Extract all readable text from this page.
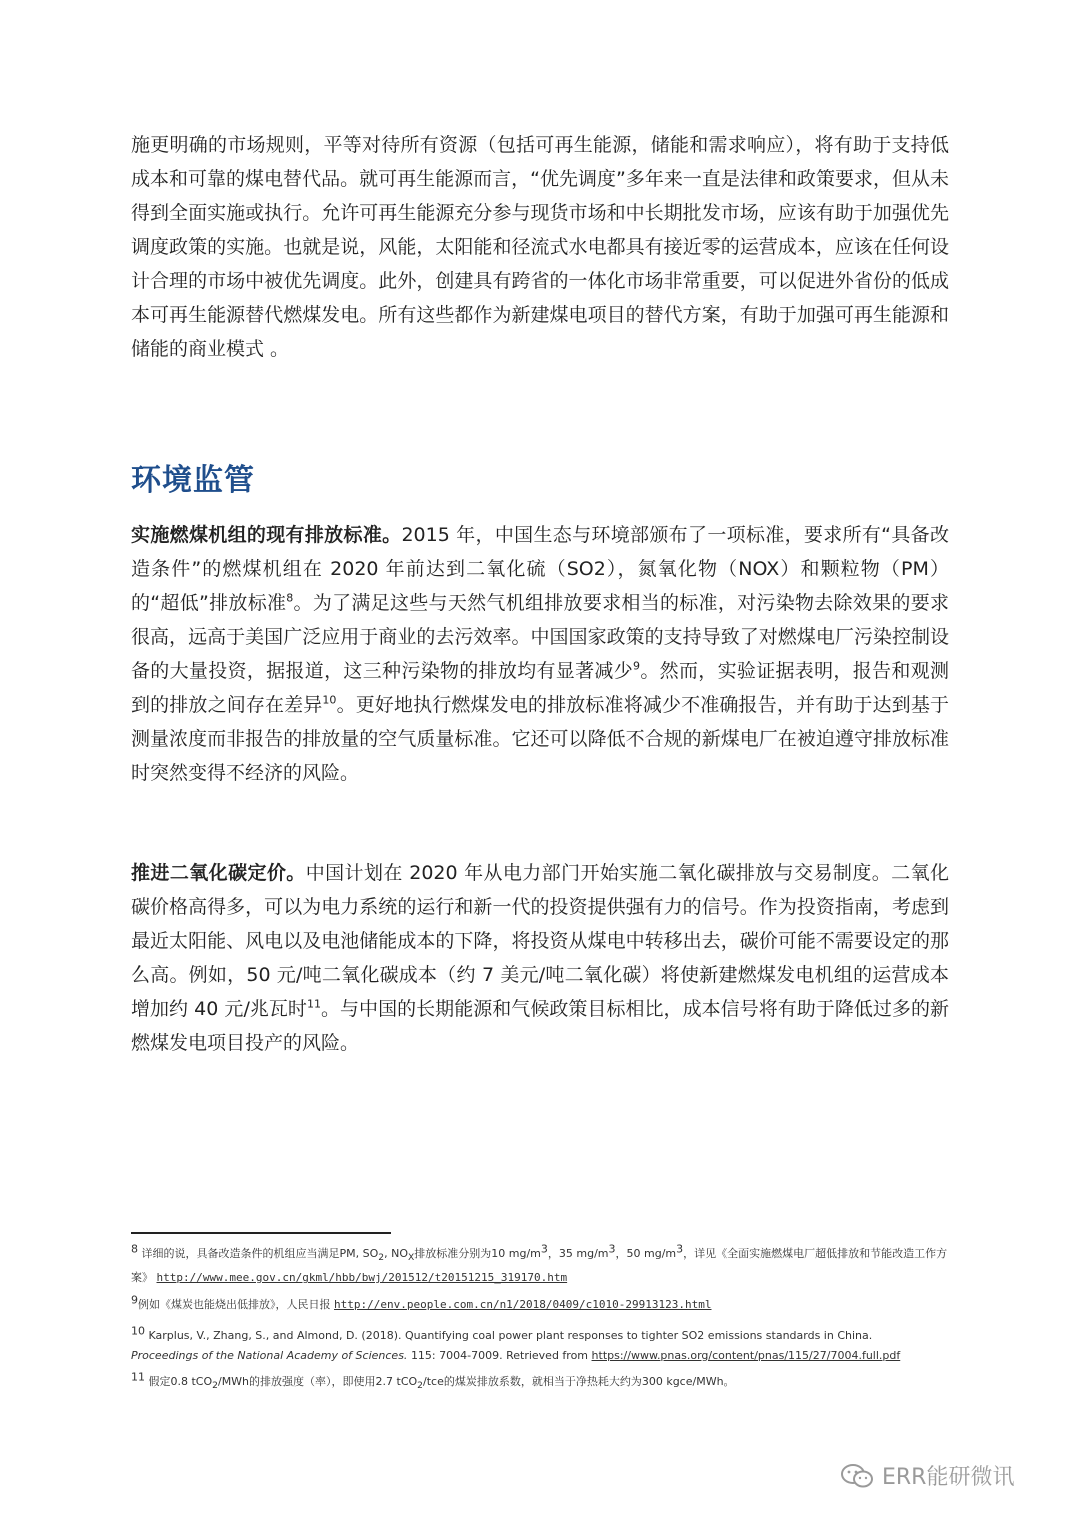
施更明确的市场规则，平等对待所有资源（包括可再生能源，储能和需求响应），将有助于支持低成本和可靠的煤电替代品。就可再生能源而言，“优先调度”多年来一直是法律和政策要求，但从未得到全面实施或执行。允许可再生能源充分参与现货市场和中长期批发市场，应该有助于加强优先调度政策的实施。也就是说，风能，太阳能和径流式水电都具有接近零的运营成本，应该在任何设计合理的市场中被优先调度。此外，创建具有跨省的一体化市场非常重要，可以促进外省份的低成本可再生能源替代燃煤发电。所有这些都作为新建煤电项目的替代方案，有助于加强可再生能源和储能的商业模式 。

环境监管

实施燃煤机组的现有排放标准。2015 年，中国生态与环境部颁布了一项标准，要求所有“具备改造条件”的燃煤机组在 2020 年前达到二氧化硫（SO2），氮氧化物（NOX）和颗粒物（PM）的“超低”排放标准$^8$。为了满足这些与天然气机组排放要求相当的标准，对污染物去除效果的要求很高，远高于美国广泛应用于商业的去污效率。中国国家政策的支持导致了对燃煤电厂污染控制设备的大量投资，据报道，这三种污染物的排放均有显著减少$^9$。然而，实验证据表明，报告和观测到的排放之间存在差异$^{10}$。更好地执行燃煤发电的排放标准将减少不准确报告，并有助于达到基于测量浓度而非报告的排放量的空气质量标准。它还可以降低不合规的新煤电厂在被迫遵守排放标准时突然变得不经济的风险。

推进二氧化碳定价。中国计划在 2020 年从电力部门开始实施二氧化碳排放与交易制度。二氧化碳价格高得多，可以为电力系统的运行和新一代的投资提供强有力的信号。作为投资指南，考虑到最近太阳能、风电以及电池储能成本的下降，将投资从煤电中转移出去，碳价可能不需要设定的那么高。例如，50 元/吨二氧化碳成本（约 7 美元/吨二氧化碳）将使新建燃煤发电机组的运营成本增加约 40 元/兆瓦时$^{11}$。与中国的长期能源和气候政策目标相比，成本信号将有助于降低过多的新燃煤发电项目投产的风险。

$^8$ 详细的说，具备改造条件的机组应当满足PM, $SO_2$, $NO_X$排放标准分别为10 $mg/m^3$，35 $mg/m^3$，50 $mg/m^3$，详见《全面实施燃煤电厂超低排放和节能改造工作方案》 http://www.mee.gov.cn/gkml/hbb/bwj/201512/t20151215_319170.htm

$^9$例如《煤炭也能烧出低排放》，人民日报 http://env.people.com.cn/n1/2018/0409/c1010-29913123.html

$^{10}$ Karplus, V., Zhang, S., and Almond, D. (2018). Quantifying coal power plant responses to tighter SO2 emissions standards in China.
Proceedings of the National Academy of Sciences. 115: 7004-7009. Retrieved from https://www.pnas.org/content/pnas/115/27/7004.full.pdf

$^{11}$ 假定0.8 tCO$_2$/MWh的排放强度（率），即使用2.7 tCO$_2$/tce的煤炭排放系数，就相当于净热耗大约为300 kgce/MWh。

ERR能研微讯
